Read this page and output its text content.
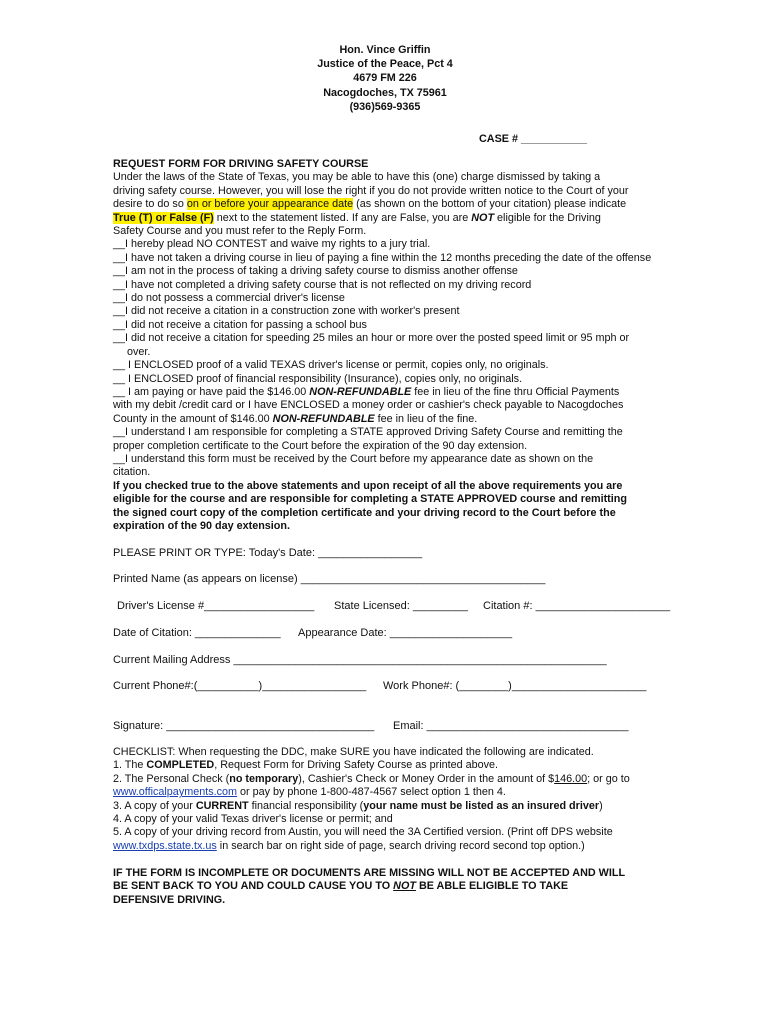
Hon. Vince Griffin
Justice of the Peace, Pct 4
4679 FM 226
Nacogdoches, TX 75961
(936)569-9365
CASE # ___________
REQUEST FORM FOR DRIVING SAFETY COURSE
Under the laws of the State of Texas, you may be able to have this (one) charge dismissed by taking a
driving safety course. However, you will lose the right if you do not provide written notice to the Court of your
desire to do so on or before your appearance date (as shown on the bottom of your citation) please indicate
True (T) or False (F) next to the statement listed. If any are False, you are NOT eligible for the Driving
Safety Course and you must refer to the Reply Form.
__I hereby plead NO CONTEST and waive my rights to a jury trial.
__I have not taken a driving course in lieu of paying a fine within the 12 months preceding the date of the offense
__I am not in the process of taking a driving safety course to dismiss another offense
__I have not completed a driving safety course that is not reflected on my driving record
__I do not possess a commercial driver's license
__I did not receive a citation in a construction zone with worker's present
__I did not receive a citation for passing a school bus
__I did not receive a citation for speeding 25 miles an hour or more over the posted speed limit or 95 mph or
over.
__ I ENCLOSED proof of a valid TEXAS driver's license or permit, copies only, no originals.
__ I ENCLOSED proof of financial responsibility (Insurance), copies only, no originals.
__ I am paying or have paid the $146.00 NON-REFUNDABLE fee in lieu of the fine thru Official Payments
with my debit /credit card or I have ENCLOSED a money order or cashier's check payable to Nacogdoches
County in the amount of $146.00 NON-REFUNDABLE fee in lieu of the fine.
__I understand I am responsible for completing a STATE approved Driving Safety Course and remitting the
proper completion certificate to the Court before the expiration of the 90 day extension.
__I understand this form must be received by the Court before my appearance date as shown on the
citation.
If you checked true to the above statements and upon receipt of all the above requirements you are
eligible for the course and are responsible for completing a STATE APPROVED course and remitting
the signed court copy of the completion certificate and your driving record to the Court before the
expiration of the 90 day extension.
PLEASE PRINT OR TYPE: Today's Date: _________________
Printed Name (as appears on license) ________________________________________
Driver's License #__________________ State Licensed: _________ Citation #: ______________________
Date of Citation: ______________ Appearance Date: ____________________
Current Mailing Address _____________________________________________________________
Current Phone#:(__________)_________________ Work Phone#: (________)______________________
Signature: __________________________________ Email: _________________________________
CHECKLIST: When requesting the DDC, make SURE you have indicated the following are indicated.
1. The COMPLETED, Request Form for Driving Safety Course as printed above.
2. The Personal Check (no temporary), Cashier's Check or Money Order in the amount of $146.00; or go to
www.officalpayments.com or pay by phone 1-800-487-4567 select option 1 then 4.
3. A copy of your CURRENT financial responsibility (your name must be listed as an insured driver)
4. A copy of your valid Texas driver's license or permit; and
5. A copy of your driving record from Austin, you will need the 3A Certified version. (Print off DPS website
www.txdps.state.tx.us in search bar on right side of page, search driving record second top option.)
IF THE FORM IS INCOMPLETE OR DOCUMENTS ARE MISSING WILL NOT BE ACCEPTED AND WILL
BE SENT BACK TO YOU AND COULD CAUSE YOU TO NOT BE ABLE ELIGIBLE TO TAKE
DEFENSIVE DRIVING.
